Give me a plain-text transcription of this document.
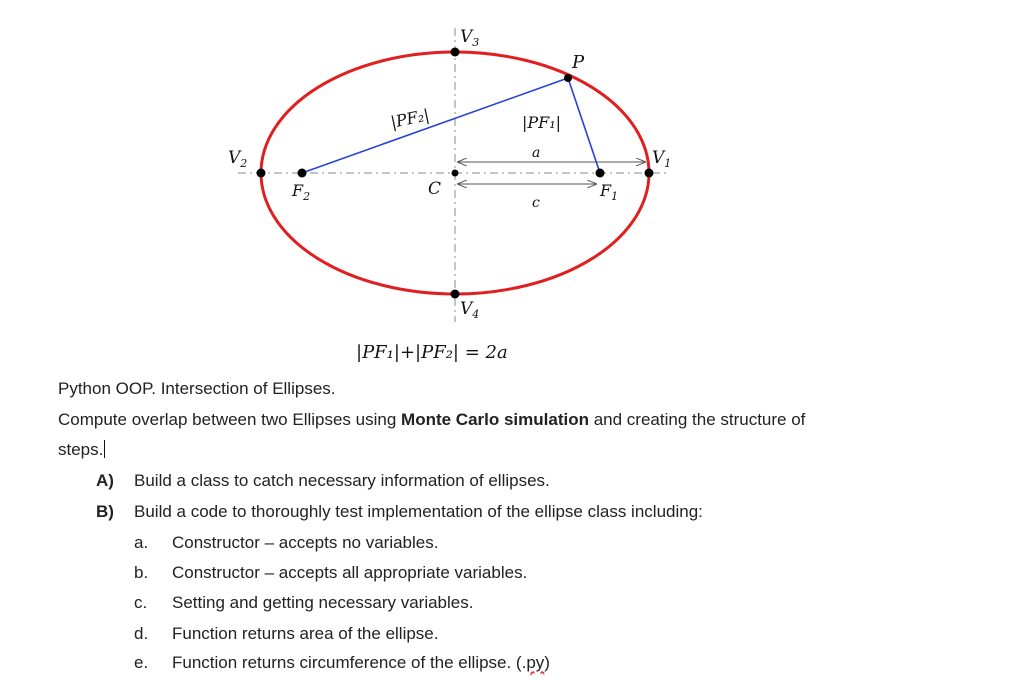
$V_3$
P
$V_2$	$V_1$
$F_2$	$F_1$
C
a
c
$V_4$
|PF₂|	|PF₁|
|PF₁|+|PF₂| = 2a
Python OOP. Intersection of Ellipses.
Compute overlap between two Ellipses using Monte Carlo simulation and creating the structure of
steps.
A) Build a class to catch necessary information of ellipses.
B) Build a code to thoroughly test implementation of the ellipse class including:
a. Constructor – accepts no variables.
b. Constructor – accepts all appropriate variables.
c. Setting and getting necessary variables.
d. Function returns area of the ellipse.
e. Function returns circumference of the ellipse. (.py)
